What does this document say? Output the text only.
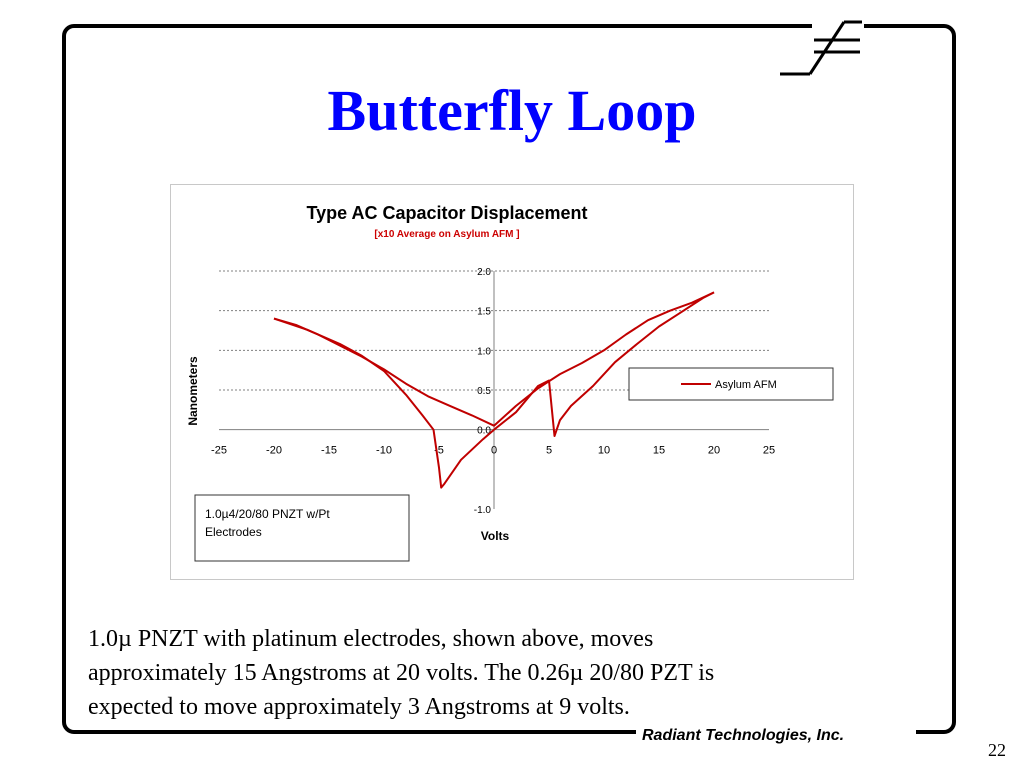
Butterfly Loop
Type AC Capacitor Displacement
[x10 Average on Asylum AFM ]
-25	-20	-15	-10	-5	0	5	10	15	20	25
-1.0
0.0
0.5
1.0
1.5
2.0
Volts
Nanometers	Asylum AFM
1.0µ4/20/80 PNZT w/Pt
Electrodes
1.0µ PNZT with platinum electrodes, shown above, moves
approximately 15 Angstroms at 20 volts. The 0.26µ 20/80 PZT is
expected to move approximately 3 Angstroms at 9 volts.
Radiant Technologies, Inc.
22
